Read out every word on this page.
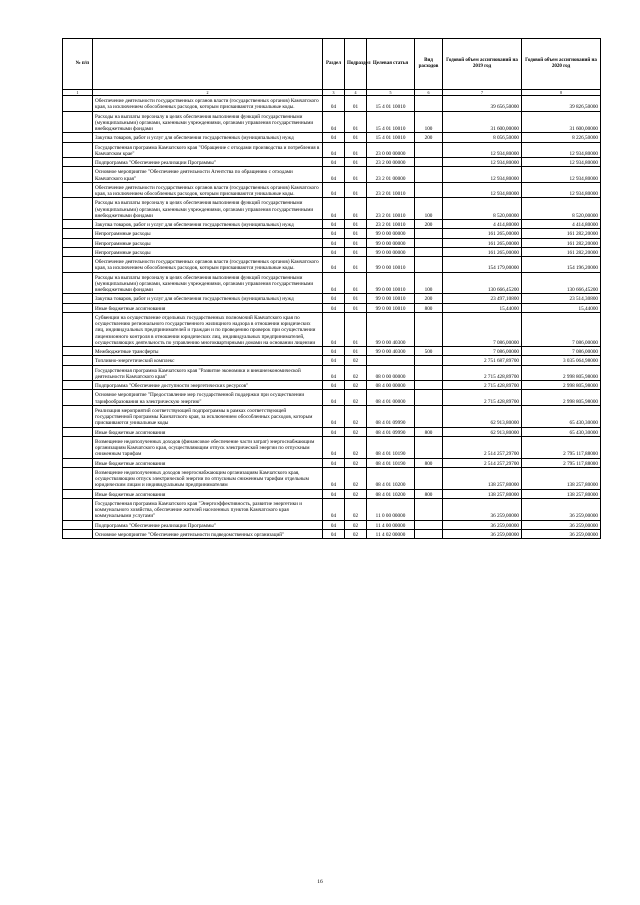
№ п/п		Раздел	Подраздел	Целевая статья	Вид расходов	Годовой объем ассигнований на 2019 год	Годовой объем ассигнований на 2020 год
1	2	3	4	5	6	7	8
	Обеспечение деятельности государственных органов власти (государственных органов) Камчатского края, за исключением обособленных расходов, которым присваиваются уникальные коды.	04	01	15 4 01 10010		39 656,50000	39 826,50000
	Расходы на выплаты персоналу в целях обеспечения выполнения функций государственными (муниципальными) органами, казенными учреждениями, органами управления государственными внебюджетными фондами	04	01	15 4 01 10010	100	31 600,00000	31 600,00000
	Закупка товаров, работ и услуг для обеспечения государственных (муниципальных) нужд	04	01	15 4 01 10010	200	8 056,50000	8 226,50000
	Государственная программа Камчатского края "Обращение с отходами производства и потребления в Камчатском крае"	04	01	23 0 00 00000		12 934,80000	12 934,80000
	Подпрограмма "Обеспечение реализации Программы"	04	01	23 2 00 00000		12 934,80000	12 934,80000
	Основное мероприятие "Обеспечение деятельности Агентства по обращению с отходами Камчатского края"	04	01	23 2 01 00000		12 934,80000	12 934,80000
	Обеспечение деятельности государственных органов власти (государственных органов) Камчатского края, за исключением обособленных расходов, которым присваиваются уникальные коды.	04	01	23 2 01 10010		12 934,80000	12 934,80000
	Расходы на выплаты персоналу в целях обеспечения выполнения функций государственными (муниципальными) органами, казенными учреждениями, органами управления государственными внебюджетными фондами	04	01	23 2 01 10010	100	8 520,00000	8 520,00000
	Закупка товаров, работ и услуг для обеспечения государственных (муниципальных) нужд	04	01	23 2 01 10010	200	4 414,80000	4 414,80000
	Непрограммные расходы	04	01	99 0 00 00000		161 265,00000	161 282,20000
	Непрограммные расходы	04	01	99 0 00 00000		161 265,00000	161 282,20000
	Непрограммные расходы	04	01	99 0 00 00000		161 265,00000	161 282,20000
	Обеспечение деятельности государственных органов власти (государственных органов) Камчатского края, за исключением обособленных расходов, которым присваиваются уникальные коды.	04	01	99 0 00 10010		154 179,00000	154 196,20000
	Расходы на выплаты персоналу в целях обеспечения выполнения функций государственными (муниципальными) органами, казенными учреждениями, органами управления государственными внебюджетными фондами	04	01	99 0 00 10010	100	130 666,45200	130 666,45200
	Закупка товаров, работ и услуг для обеспечения государственных (муниципальных) нужд	04	01	99 0 00 10010	200	23 497,10800	23 514,30800
	Иные бюджетные ассигнования	04	01	99 0 00 10010	800	15,44000	15,44000
	Субвенции на осуществление отдельных государственных полномочий Камчатского края по осуществлению регионального государственного жилищного надзора в отношении юридических лиц, индивидуальных предпринимателей и граждан и по проведению проверок при осуществлении лицензионного контроля в отношении юридических лиц, индивидуальных предпринимателей, осуществляющих деятельность по управлению многоквартирными домами на основании лицензии	04	01	99 0 00 40300		7 086,00000	7 086,00000
	Межбюджетные трансферты	04	01	99 0 00 40300	500	7 086,00000	7 086,00000
	Топливно-энергетический комплекс	04	02			2 751 687,89700	3 035 064,98000
	Государственная программа Камчатского края "Развитие экономики и внешнеэкономической деятельности Камчатского края"	04	02	08 0 00 00000		2 715 428,89700	2 998 805,98000
	Подпрограмма "Обеспечение доступности энергетических ресурсов"	04	02	08 4 00 00000		2 715 428,89700	2 998 805,98000
	Основное мероприятие "Предоставление мер государственной поддержки при осуществлении тарифообразования на электрическую энергию"	04	02	08 4 01 00000		2 715 428,89700	2 998 805,98000
	Реализация мероприятий соответствующей подпрограммы в рамках соответствующей государственной программы Камчатского края, за исключением обособленных расходов, которым присваиваются уникальные коды	04	02	08 4 01 09990		62 913,80000	65 430,30000
	Иные бюджетные ассигнования	04	02	08 4 01 09990	800	62 913,80000	65 430,30000
	Возмещение недополученных доходов (финансовое обеспечение части затрат) энергоснабжающим организациям Камчатского края, осуществляющим отпуск электрической энергии по отпускным сниженным тарифам	04	02	08 4 01 10190		2 514 257,29700	2 795 117,88000
	Иные бюджетные ассигнования	04	02	08 4 01 10190	800	2 514 257,29700	2 795 117,88000
	Возмещение недополученных доходов энергоснабжающим организациям Камчатского края, осуществляющим отпуск электрической энергии по отпускным сниженным тарифам отдельным юридическим лицам и индивидуальным предпринимателям	04	02	08 4 01 10200		138 257,80000	138 257,80000
	Иные бюджетные ассигнования	04	02	08 4 01 10200	800	138 257,80000	138 257,80000
	Государственная программа Камчатского края "Энергоэффективность, развитие энергетики и коммунального хозяйства, обеспечение жителей населенных пунктов Камчатского края коммунальными услугами"	04	02	11 0 00 00000		36 259,00000	36 259,00000
	Подпрограмма "Обеспечение реализации Программы"	04	02	11 4 00 00000		36 259,00000	36 259,00000
	Основное мероприятие "Обеспечение деятельности подведомственных организаций"	04	02	11 4 02 00000		36 259,00000	36 259,00000
16
